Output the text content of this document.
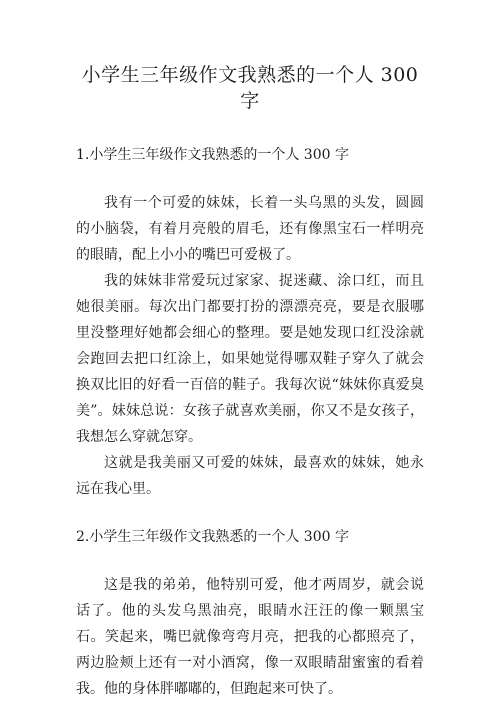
小学生三年级作文我熟悉的一个人 300 字

1.小学生三年级作文我熟悉的一个人 300 字

我有一个可爱的妹妹，长着一头乌黑的头发，圆圆的小脑袋，有着月亮般的眉毛，还有像黑宝石一样明亮的眼睛，配上小小的嘴巴可爱极了。

我的妹妹非常爱玩过家家、捉迷藏、涂口红，而且她很美丽。每次出门都要打扮的漂漂亮亮，要是衣服哪里没整理好她都会细心的整理。要是她发现口红没涂就会跑回去把口红涂上，如果她觉得哪双鞋子穿久了就会换双比旧的好看一百倍的鞋子。我每次说“妹妹你真爱臭美”。妹妹总说：女孩子就喜欢美丽，你又不是女孩子，我想怎么穿就怎穿。

这就是我美丽又可爱的妹妹，最喜欢的妹妹，她永远在我心里。

2.小学生三年级作文我熟悉的一个人 300 字

这是我的弟弟，他特别可爱，他才两周岁，就会说话了。他的头发乌黑油亮，眼睛水汪汪的像一颗黑宝石。笑起来，嘴巴就像弯弯月亮，把我的心都照亮了，两边脸颊上还有一对小酒窝，像一双眼睛甜蜜蜜的看着我。他的身体胖嘟嘟的，但跑起来可快了。
